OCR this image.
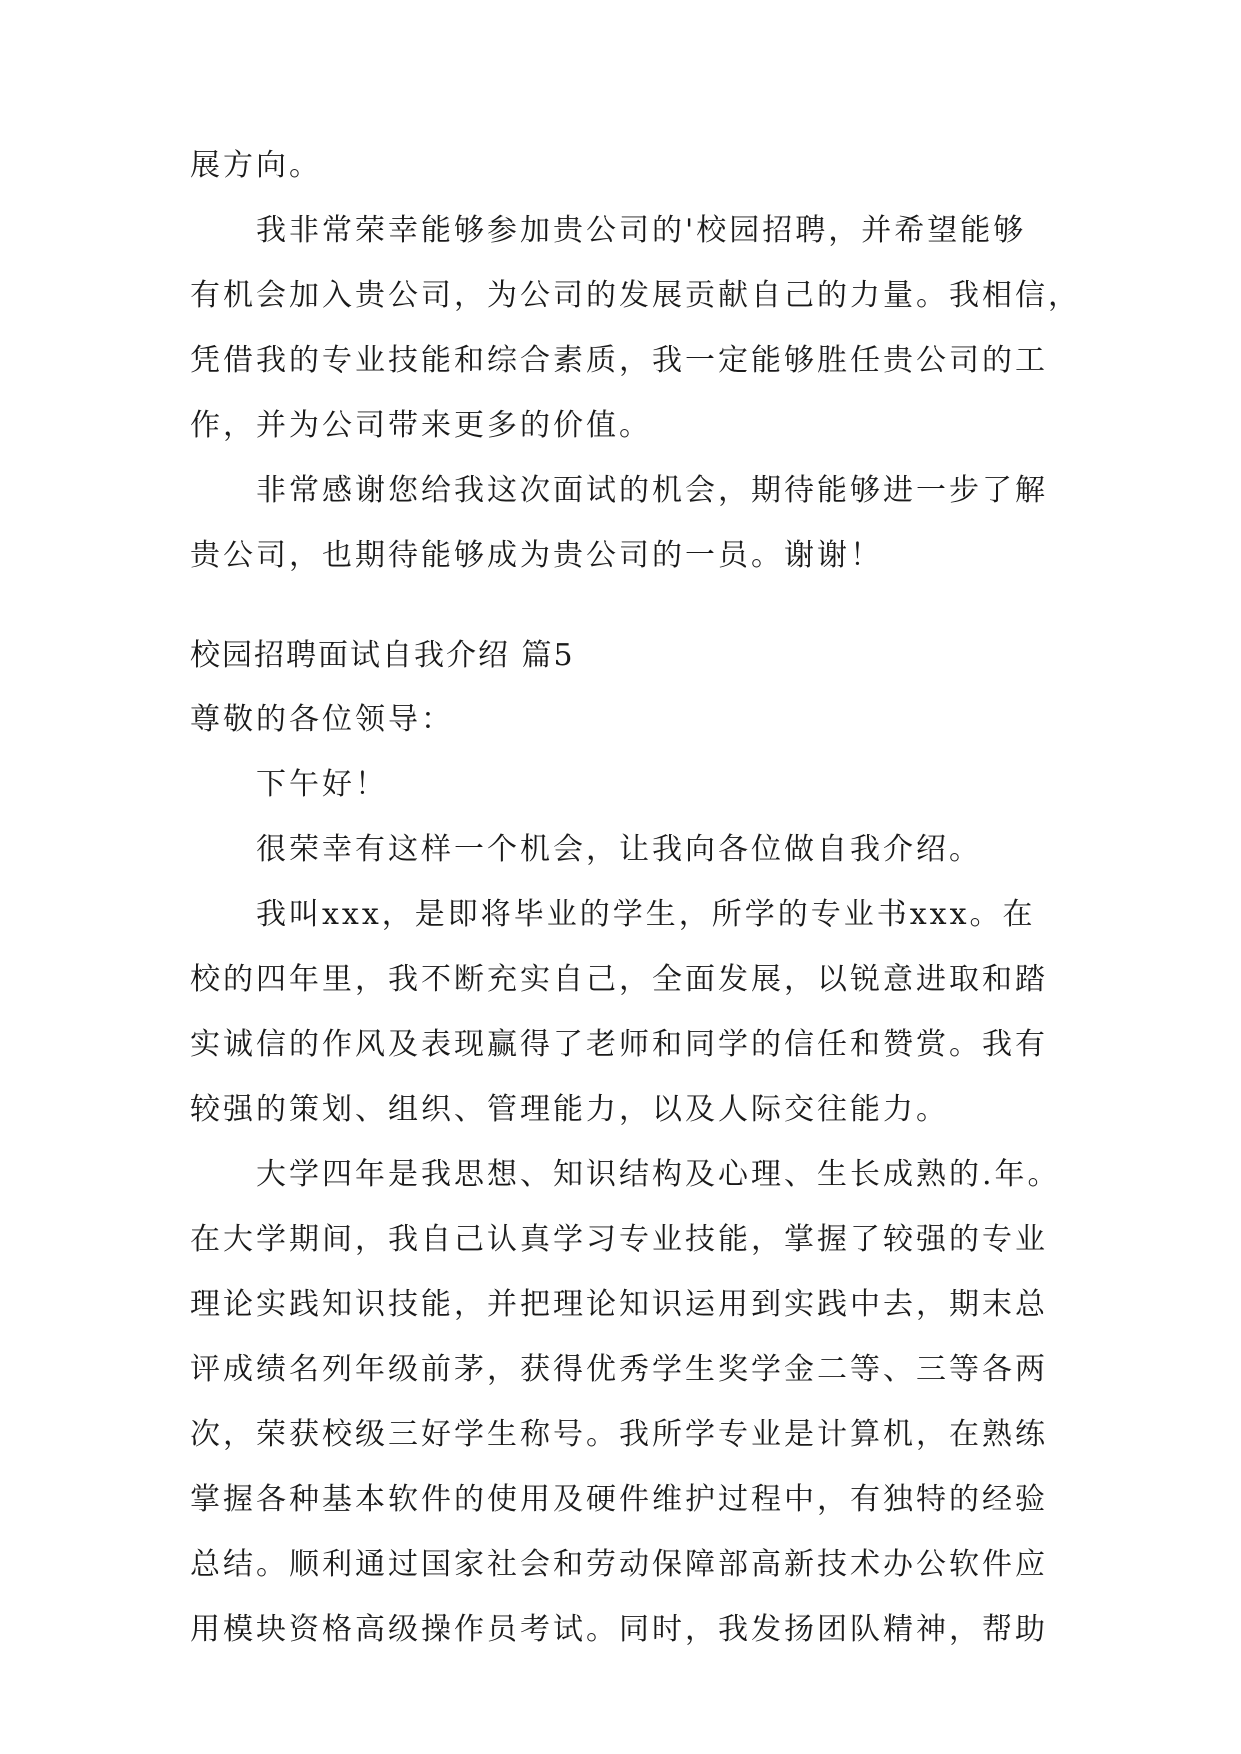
展方向。
我非常荣幸能够参加贵公司的'校园招聘，并希望能够
有机会加入贵公司，为公司的发展贡献自己的力量。我相信，
凭借我的专业技能和综合素质，我一定能够胜任贵公司的工
作，并为公司带来更多的价值。
非常感谢您给我这次面试的机会，期待能够进一步了解
贵公司，也期待能够成为贵公司的一员。谢谢！
校园招聘面试自我介绍 篇5
尊敬的各位领导：
下午好！
很荣幸有这样一个机会，让我向各位做自我介绍。
我叫xxx，是即将毕业的学生，所学的专业书xxx。在
校的四年里，我不断充实自己，全面发展，以锐意进取和踏
实诚信的作风及表现赢得了老师和同学的信任和赞赏。我有
较强的策划、组织、管理能力，以及人际交往能力。
大学四年是我思想、知识结构及心理、生长成熟的.年。
在大学期间，我自己认真学习专业技能，掌握了较强的专业
理论实践知识技能，并把理论知识运用到实践中去，期末总
评成绩名列年级前茅，获得优秀学生奖学金二等、三等各两
次，荣获校级三好学生称号。我所学专业是计算机，在熟练
掌握各种基本软件的使用及硬件维护过程中，有独特的经验
总结。顺利通过国家社会和劳动保障部高新技术办公软件应
用模块资格高级操作员考试。同时，我发扬团队精神，帮助
